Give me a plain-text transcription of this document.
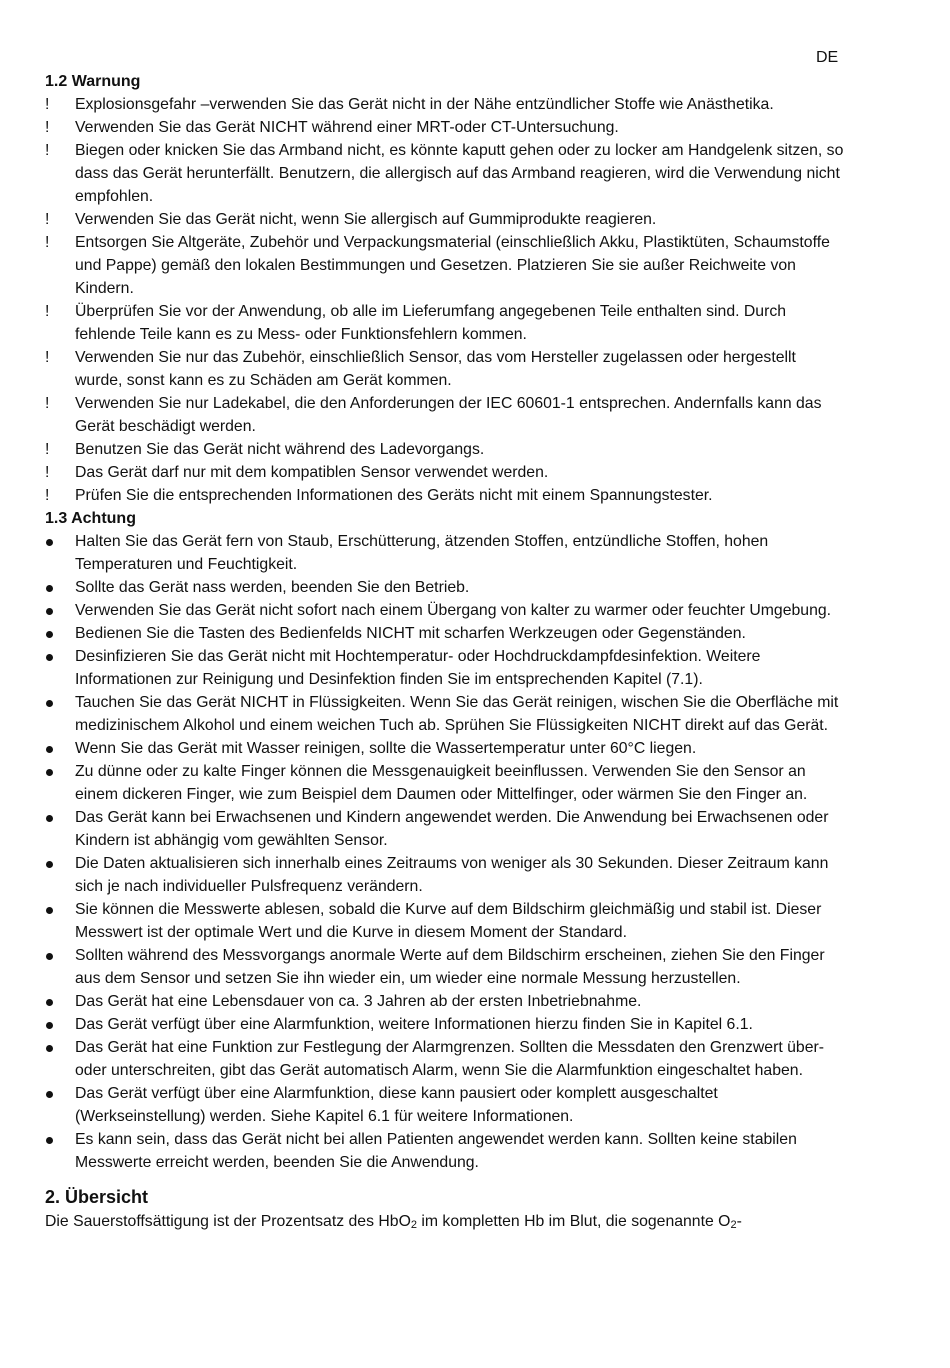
DE
1.2 Warnung
!	Explosionsgefahr –verwenden Sie das Gerät nicht in der Nähe entzündlicher Stoffe wie Anästhetika.
!	Verwenden Sie das Gerät NICHT während einer MRT-oder CT-Untersuchung.
!	Biegen oder knicken Sie das Armband nicht, es könnte kaputt gehen oder zu locker am Handgelenk sitzen, so dass das Gerät herunterfällt. Benutzern, die allergisch auf das Armband reagieren, wird die Verwendung nicht empfohlen.
!	Verwenden Sie das Gerät nicht, wenn Sie allergisch auf Gummiprodukte reagieren.
!	Entsorgen Sie Altgeräte, Zubehör und Verpackungsmaterial (einschließlich Akku, Plastiktüten, Schaumstoffe und Pappe) gemäß den lokalen Bestimmungen und Gesetzen. Platzieren Sie sie außer Reichweite von Kindern.
!	Überprüfen Sie vor der Anwendung, ob alle im Lieferumfang angegebenen Teile enthalten sind. Durch fehlende Teile kann es zu Mess- oder Funktionsfehlern kommen.
!	Verwenden Sie nur das Zubehör, einschließlich Sensor, das vom Hersteller zugelassen oder hergestellt wurde, sonst kann es zu Schäden am Gerät kommen.
!	Verwenden Sie nur Ladekabel, die den Anforderungen der IEC 60601-1 entsprechen. Andernfalls kann das Gerät beschädigt werden.
!	Benutzen Sie das Gerät nicht während des Ladevorgangs.
!	Das Gerät darf nur mit dem kompatiblen Sensor verwendet werden.
!	Prüfen Sie die entsprechenden Informationen des Geräts nicht mit einem Spannungstester.
1.3 Achtung
Halten Sie das Gerät fern von Staub, Erschütterung, ätzenden Stoffen, entzündliche Stoffen, hohen Temperaturen und Feuchtigkeit.
Sollte das Gerät nass werden, beenden Sie den Betrieb.
Verwenden Sie das Gerät nicht sofort nach einem Übergang von kalter zu warmer oder feuchter Umgebung.
Bedienen Sie die Tasten des Bedienfelds NICHT mit scharfen Werkzeugen oder Gegenständen.
Desinfizieren Sie das Gerät nicht mit Hochtemperatur- oder Hochdruckdampfdesinfektion. Weitere Informationen zur Reinigung und Desinfektion finden Sie im entsprechenden Kapitel (7.1).
Tauchen Sie das Gerät NICHT in Flüssigkeiten. Wenn Sie das Gerät reinigen, wischen Sie die Oberfläche mit medizinischem Alkohol und einem weichen Tuch ab. Sprühen Sie Flüssigkeiten NICHT direkt auf das Gerät.
Wenn Sie das Gerät mit Wasser reinigen, sollte die Wassertemperatur unter 60°C liegen.
Zu dünne oder zu kalte Finger können die Messgenauigkeit beeinflussen. Verwenden Sie den Sensor an einem dickeren Finger, wie zum Beispiel dem Daumen oder Mittelfinger, oder wärmen Sie den Finger an.
Das Gerät kann bei Erwachsenen und Kindern angewendet werden. Die Anwendung bei Erwachsenen oder Kindern ist abhängig vom gewählten Sensor.
Die Daten aktualisieren sich innerhalb eines Zeitraums von weniger als 30 Sekunden. Dieser Zeitraum kann sich je nach individueller Pulsfrequenz verändern.
Sie können die Messwerte ablesen, sobald die Kurve auf dem Bildschirm gleichmäßig und stabil ist. Dieser Messwert ist der optimale Wert und die Kurve in diesem Moment der Standard.
Sollten während des Messvorgangs anormale Werte auf dem Bildschirm erscheinen, ziehen Sie den Finger aus dem Sensor und setzen Sie ihn wieder ein, um wieder eine normale Messung herzustellen.
Das Gerät hat eine Lebensdauer von ca. 3 Jahren ab der ersten Inbetriebnahme.
Das Gerät verfügt über eine Alarmfunktion, weitere Informationen hierzu finden Sie in Kapitel 6.1.
Das Gerät hat eine Funktion zur Festlegung der Alarmgrenzen. Sollten die Messdaten den Grenzwert über- oder unterschreiten, gibt das Gerät automatisch Alarm, wenn Sie die Alarmfunktion eingeschaltet haben.
Das Gerät verfügt über eine Alarmfunktion, diese kann pausiert oder komplett ausgeschaltet (Werkseinstellung) werden. Siehe Kapitel 6.1 für weitere Informationen.
Es kann sein, dass das Gerät nicht bei allen Patienten angewendet werden kann. Sollten keine stabilen Messwerte erreicht werden, beenden Sie die Anwendung.
2. Übersicht

Die Sauerstoffsättigung ist der Prozentsatz des HbO$_2$ im kompletten Hb im Blut, die sogenannte $O_2-$
